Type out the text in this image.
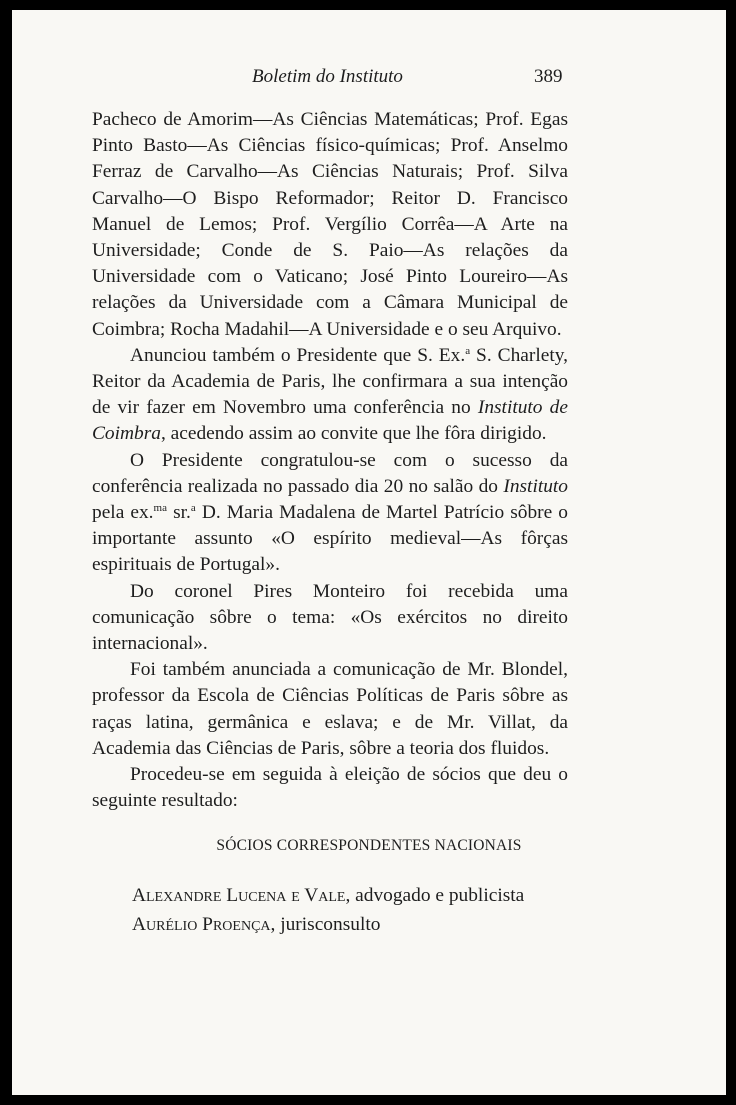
Boletim do Instituto	389

Pacheco de Amorim—As Ciências Matemáticas; Prof. Egas Pinto Basto—As Ciências físico-químicas; Prof. Anselmo Ferraz de Carvalho—As Ciências Naturais; Prof. Silva Carvalho—O Bispo Reformador; Reitor D. Francisco Manuel de Lemos; Prof. Vergílio Corrêa—A Arte na Universidade; Conde de S. Paio—As relações da Universidade com o Vaticano; José Pinto Loureiro—As relações da Universidade com a Câmara Municipal de Coimbra; Rocha Madahil—A Universidade e o seu Arquivo.

Anunciou também o Presidente que S. Ex.$^a$ S. Charlety, Reitor da Academia de Paris, lhe confirmara a sua intenção de vir fazer em Novembro uma conferência no Instituto de Coimbra, acedendo assim ao convite que lhe fôra dirigido.

O Presidente congratulou-se com o sucesso da conferência realizada no passado dia 20 no salão do Instituto pela ex.$^{ma}$ sr.$^a$ D. Maria Madalena de Martel Patrício sôbre o importante assunto «O espírito medieval—As fôrças espirituais de Portugal».

Do coronel Pires Monteiro foi recebida uma comunicação sôbre o tema: «Os exércitos no direito internacional».

Foi também anunciada a comunicação de Mr. Blondel, professor da Escola de Ciências Políticas de Paris sôbre as raças latina, germânica e eslava; e de Mr. Villat, da Academia das Ciências de Paris, sôbre a teoria dos fluidos.

Procedeu-se em seguida à eleição de sócios que deu o seguinte resultado:

SÓCIOS CORRESPONDENTES NACIONAIS
Alexandre Lucena e Vale, advogado e publicista
Aurélio Proença, jurisconsulto
